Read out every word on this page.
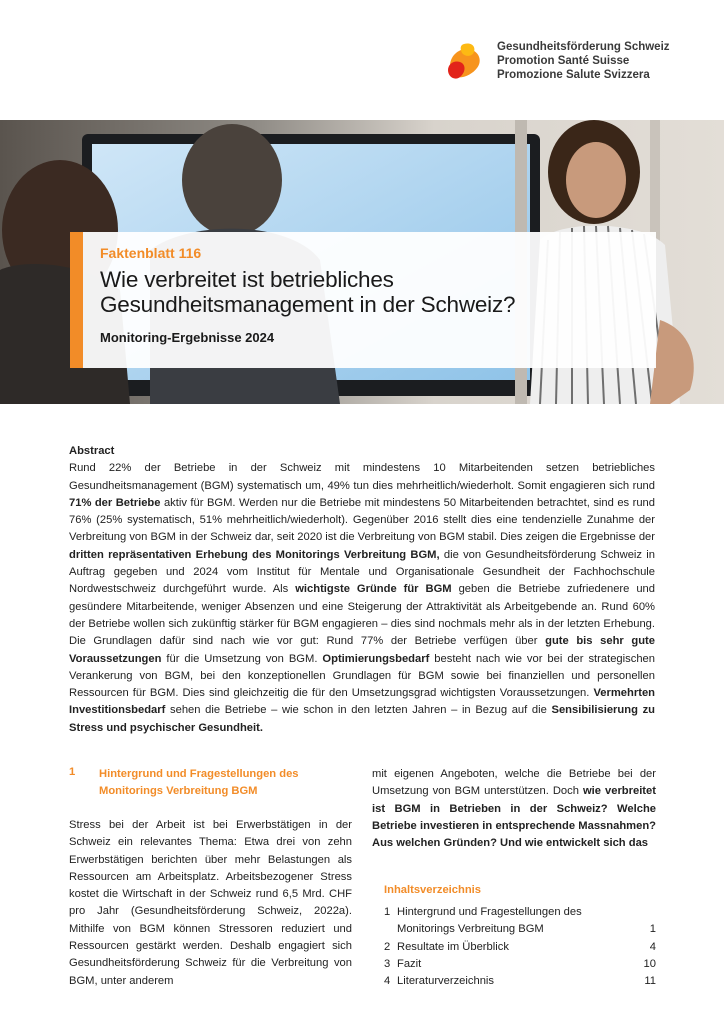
Gesundheitsförderung Schweiz
Promotion Santé Suisse
Promozione Salute Svizzera
Faktenblatt 116
Wie verbreitet ist betriebliches
Gesundheitsmanagement in der Schweiz?
Monitoring-Ergebnisse 2024
Abstract
Rund 22% der Betriebe in der Schweiz mit mindestens 10 Mitarbeitenden setzen betriebliches Gesundheitsmanagement (BGM) systematisch um, 49% tun dies mehrheitlich/wiederholt. Somit engagieren sich rund 71% der Betriebe aktiv für BGM. Werden nur die Betriebe mit mindestens 50 Mitarbeitenden betrachtet, sind es rund 76% (25% systematisch, 51% mehrheitlich/wiederholt). Gegenüber 2016 stellt dies eine tendenzielle Zunahme der Verbreitung von BGM in der Schweiz dar, seit 2020 ist die Verbreitung von BGM stabil. Dies zeigen die Ergebnisse der dritten repräsentativen Erhebung des Monitorings Verbreitung BGM, die von Gesundheitsförderung Schweiz in Auftrag gegeben und 2024 vom Institut für Mentale und Organisationale Gesundheit der Fachhochschule Nordwestschweiz durchgeführt wurde. Als wichtigste Gründe für BGM geben die Betriebe zufriedenere und gesündere Mitarbeitende, weniger Absenzen und eine Steigerung der Attraktivität als Arbeitgebende an. Rund 60% der Betriebe wollen sich zukünftig stärker für BGM engagieren – dies sind nochmals mehr als in der letzten Erhebung. Die Grundlagen dafür sind nach wie vor gut: Rund 77% der Betriebe verfügen über gute bis sehr gute Voraussetzungen für die Umsetzung von BGM. Optimierungsbedarf besteht nach wie vor bei der strategischen Verankerung von BGM, bei den konzeptionellen Grundlagen für BGM sowie bei finanziellen und personellen Ressourcen für BGM. Dies sind gleichzeitig die für den Umsetzungsgrad wichtigsten Voraussetzungen. Vermehrten Investitionsbedarf sehen die Betriebe – wie schon in den letzten Jahren – in Bezug auf die Sensibilisierung zu Stress und psychischer Gesundheit.
1 Hintergrund und Fragestellungen des
Monitorings Verbreitung BGM
Stress bei der Arbeit ist bei Erwerbstätigen in der Schweiz ein relevantes Thema: Etwa drei von zehn Erwerbstätigen berichten über mehr Belastungen als Ressourcen am Arbeitsplatz. Arbeitsbezogener Stress kostet die Wirtschaft in der Schweiz rund 6,5 Mrd. CHF pro Jahr (Gesundheitsförderung Schweiz, 2022a). Mithilfe von BGM können Stressoren reduziert und Ressourcen gestärkt werden. Deshalb engagiert sich Gesundheitsförderung Schweiz für die Verbreitung von BGM, unter anderem
mit eigenen Angeboten, welche die Betriebe bei der Umsetzung von BGM unterstützen. Doch wie verbreitet ist BGM in Betrieben in der Schweiz? Welche Betriebe investieren in entsprechende Massnahmen? Aus welchen Gründen? Und wie entwickelt sich das
Inhaltsverzeichnis
1 Hintergrund und Fragestellungen des
Monitorings Verbreitung BGM	1
2 Resultate im Überblick	4
3 Fazit	10
4 Literaturverzeichnis	11
